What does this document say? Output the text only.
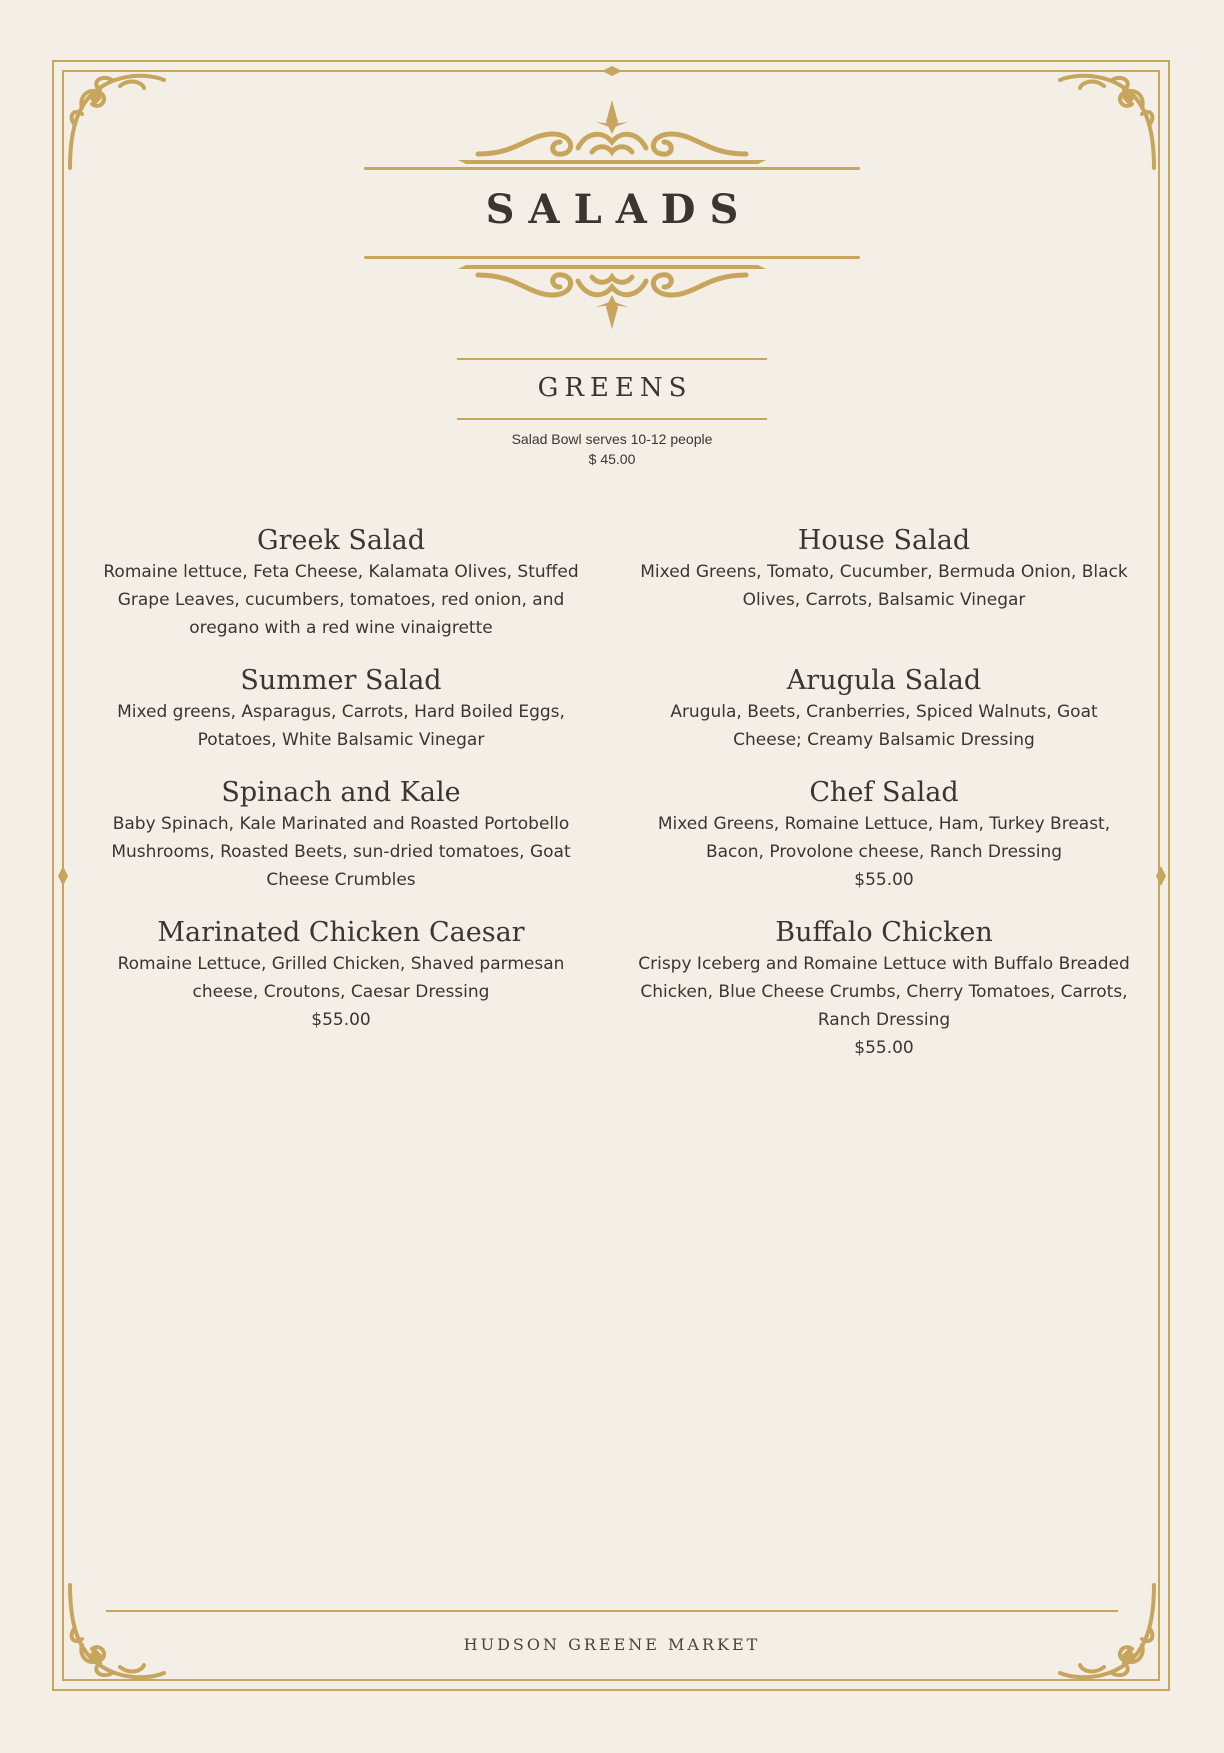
SALADS
GREENS
Salad Bowl serves 10-12 people
$ 45.00
Greek Salad
Romaine lettuce, Feta Cheese, Kalamata Olives, Stuffed Grape Leaves, cucumbers, tomatoes, red onion, and oregano with a red wine vinaigrette
House Salad
Mixed Greens, Tomato, Cucumber, Bermuda Onion, Black Olives, Carrots, Balsamic Vinegar
Summer Salad
Mixed greens, Asparagus, Carrots, Hard Boiled Eggs, Potatoes, White Balsamic Vinegar
Arugula Salad
Arugula, Beets, Cranberries, Spiced Walnuts, Goat Cheese; Creamy Balsamic Dressing
Spinach and Kale
Baby Spinach, Kale Marinated and Roasted Portobello Mushrooms, Roasted Beets, sun-dried tomatoes, Goat Cheese Crumbles
Chef Salad
Mixed Greens, Romaine Lettuce, Ham, Turkey Breast, Bacon, Provolone cheese, Ranch Dressing
$55.00
Marinated Chicken Caesar
Romaine Lettuce, Grilled Chicken, Shaved parmesan cheese, Croutons, Caesar Dressing
$55.00
Buffalo Chicken
Crispy Iceberg and Romaine Lettuce with Buffalo Breaded Chicken, Blue Cheese Crumbs, Cherry Tomatoes, Carrots, Ranch Dressing
$55.00
HUDSON GREENE MARKET
